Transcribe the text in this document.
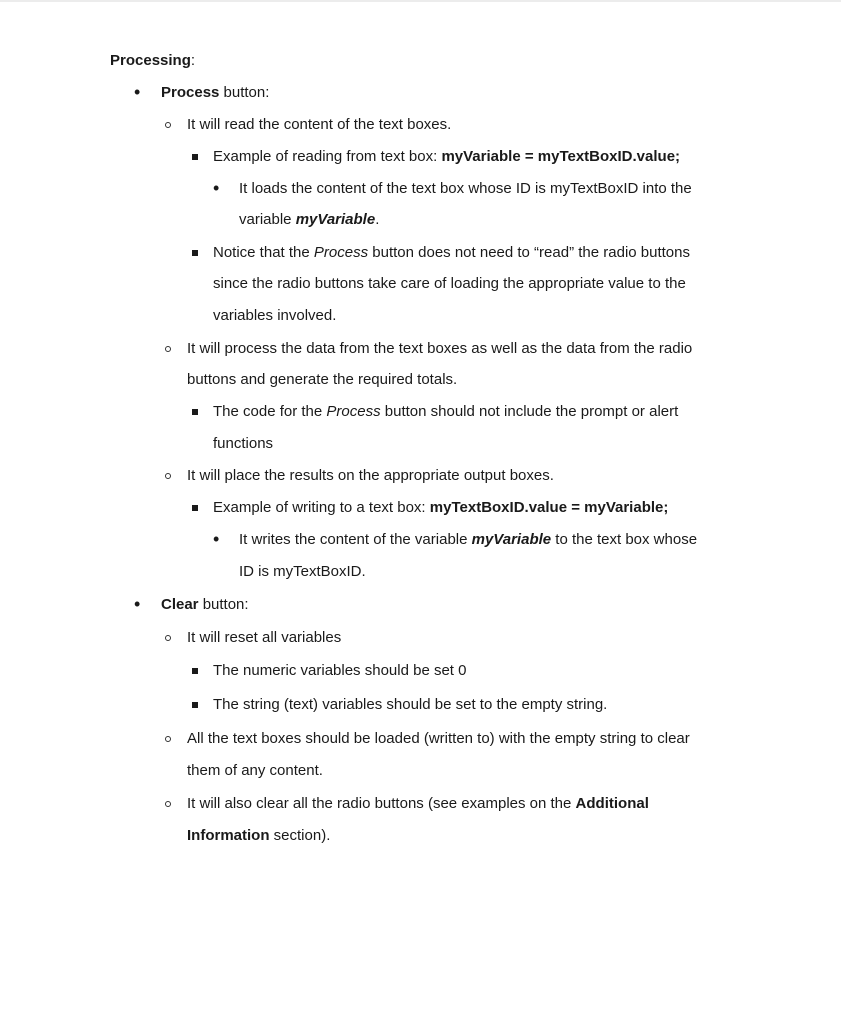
Processing:
•
Process button:
It will read the content of the text boxes.
Example of reading from text box: myVariable = myTextBoxID.value;
•
It loads the content of the text box whose ID is myTextBoxID into the
variable myVariable.
Notice that the Process button does not need to “read” the radio buttons
since the radio buttons take care of loading the appropriate value to the
variables involved.
It will process the data from the text boxes as well as the data from the radio
buttons and generate the required totals.
The code for the Process button should not include the prompt or alert
functions
It will place the results on the appropriate output boxes.
Example of writing to a text box: myTextBoxID.value = myVariable;
•
It writes the content of the variable myVariable to the text box whose
ID is myTextBoxID.
•
Clear button:
It will reset all variables
The numeric variables should be set 0
The string (text) variables should be set to the empty string.
All the text boxes should be loaded (written to) with the empty string to clear
them of any content.
It will also clear all the radio buttons (see examples on the Additional
Information section).
